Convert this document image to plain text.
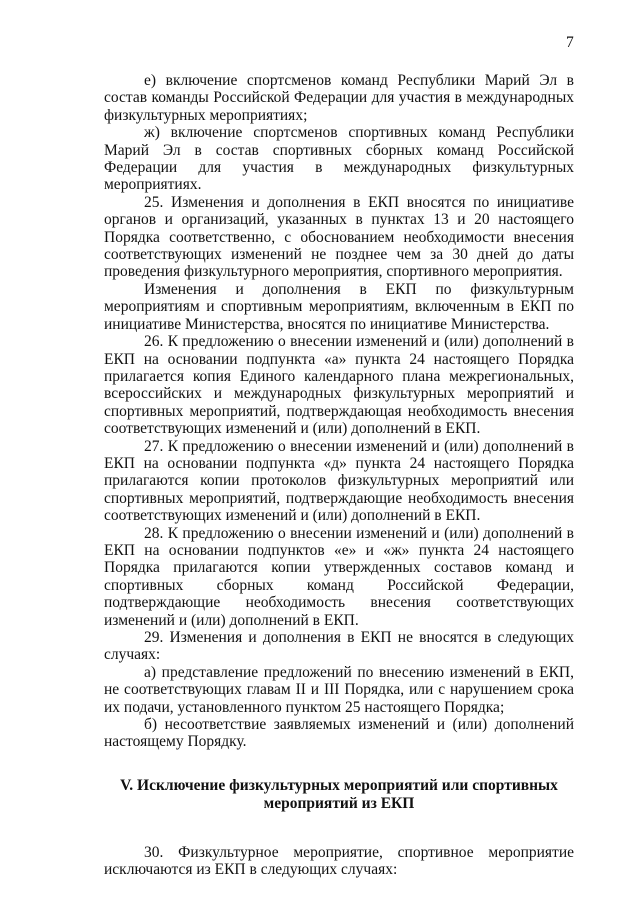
7

е) включение спортсменов команд Республики Марий Эл в состав команды Российской Федерации для участия в международных физкультурных мероприятиях;

ж) включение спортсменов спортивных команд Республики Марий Эл в состав спортивных сборных команд Российской Федерации для участия в международных физкультурных мероприятиях.

25. Изменения и дополнения в ЕКП вносятся по инициативе органов и организаций, указанных в пунктах 13 и 20 настоящего Порядка соответственно, с обоснованием необходимости внесения соответствующих изменений не позднее чем за 30 дней до даты проведения физкультурного мероприятия, спортивного мероприятия.

Изменения и дополнения в ЕКП по физкультурным мероприятиям и спортивным мероприятиям, включенным в ЕКП по инициативе Министерства, вносятся по инициативе Министерства.

26. К предложению о внесении изменений и (или) дополнений в ЕКП на основании подпункта «а» пункта 24 настоящего Порядка прилагается копия Единого календарного плана межрегиональных, всероссийских и международных физкультурных мероприятий и спортивных мероприятий, подтверждающая необходимость внесения соответствующих изменений и (или) дополнений в ЕКП.

27. К предложению о внесении изменений и (или) дополнений в ЕКП на основании подпункта «д» пункта 24 настоящего Порядка прилагаются копии протоколов физкультурных мероприятий или спортивных мероприятий, подтверждающие необходимость внесения соответствующих изменений и (или) дополнений в ЕКП.

28. К предложению о внесении изменений и (или) дополнений в ЕКП на основании подпунктов «е» и «ж» пункта 24 настоящего Порядка прилагаются копии утвержденных составов команд и спортивных сборных команд Российской Федерации, подтверждающие необходимость внесения соответствующих изменений и (или) дополнений в ЕКП.

29. Изменения и дополнения в ЕКП не вносятся в следующих случаях:

а) представление предложений по внесению изменений в ЕКП, не соответствующих главам II и III Порядка, или с нарушением срока их подачи, установленного пунктом 25 настоящего Порядка;

б) несоответствие заявляемых изменений и (или) дополнений настоящему Порядку.

V. Исключение физкультурных мероприятий или спортивных
мероприятий из ЕКП

30. Физкультурное мероприятие, спортивное мероприятие исключаются из ЕКП в следующих случаях:
